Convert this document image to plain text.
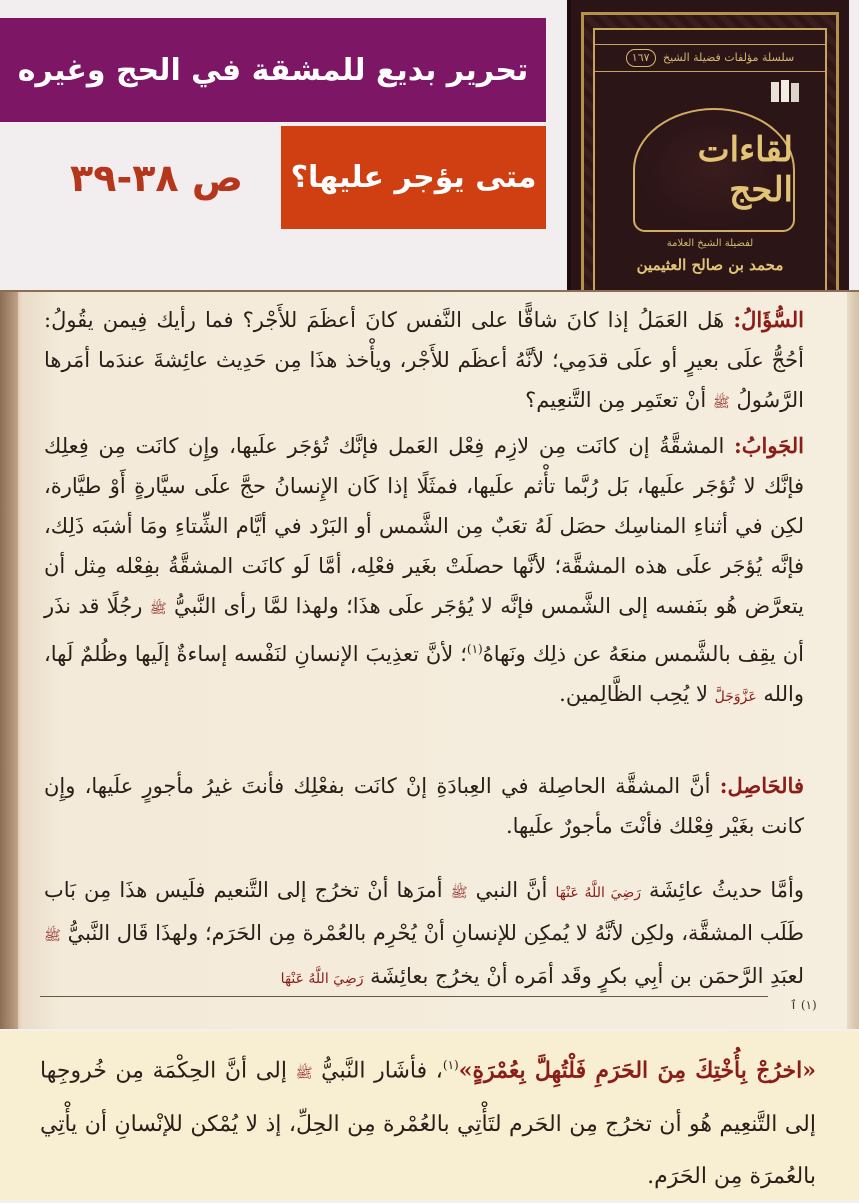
تحرير بديع للمشقة في الحج وغيره
متى يؤجر عليها؟
ص ٣٨-٣٩
سلسلة مؤلفات فضيلة الشيخ ١٦٧
لقاءات الحج
لفضيلة الشيخ العلامة
محمد بن صالح العثيمين

السُّؤَالُ: هَل العَمَلُ إذا كانَ شاقًّا على النَّفس كانَ أعظَمَ للأَجْر؟ فما رأيك فِيمن يقُولُ: أحُجُّ علَى بعيرٍ أو علَى قدَمِي؛ لأنَّهُ أعظَم للأَجْر، ويأْخذ هذَا مِن حَدِيث عائِشةَ عندَما أمَرها الرَّسُولُ ﷺ أنْ تعتَمِر مِن التَّنعِيم؟

الجَوابُ: المشقَّةُ إن كانَت مِن لازِم فِعْل العَمل فإنَّك تُؤجَر علَيها، وإِن كانَت مِن فِعلِك فإنَّك لا تُؤجَر علَيها، بَل رُبَّما تأْثم علَيها، فمثَلًا إذا كَان الإِنسانُ حجَّ علَى سيَّارةٍ أَوْ طيَّارة، لكِن في أثناءِ المناسِك حصَل لَهُ تعَبٌ مِن الشَّمس أو البَرْد في أيَّام الشِّتاءِ ومَا أشبَه ذَلِك، فإنَّه يُؤجَر علَى هذه المشقَّة؛ لأنَّها حصلَتْ بغَير فعْلِه، أمَّا لَو كانَت المشقَّةُ بفِعْله مِثل أن يتعرَّض هُو بنَفسه إلى الشَّمس فإنَّه لا يُؤجَر علَى هذَا؛ ولهذا لمَّا رأى النَّبيُّ ﷺ رجُلًا قد نذَر أن يقِف بالشَّمس منعَهُ عن ذلِك ونَهاهُ$^{(١)}$؛ لأنَّ تعذِيبَ الإنسانِ لنَفْسه إساءةٌ إلَيها وظُلمٌ لَها، والله عَزَّوَجَلَّ لا يُحِب الظَّالِمين.

فالحَاصِل: أنَّ المشقَّة الحاصِلة في العِبادَةِ إنْ كانَت بفعْلِك فأنتَ غيرُ مأجورٍ علَيها، وإِن كانت بغَيْر فِعْلك فأنْتَ مأجورٌ علَيها.

وأمَّا حديثُ عائِشَة رَضِيَ اللَّهُ عَنْهَا أنَّ النبي ﷺ أمرَها أنْ تخرُج إلى التَّنعيم فلَيس هذَا مِن بَاب طَلَب المشقَّة، ولكِن لأنَّهُ لا يُمكِن للإنسانِ أنْ يُحْرِم بالعُمْرة مِن الحَرَم؛ ولهذَا قَال النَّبيُّ ﷺ لعبَدِ الرَّحمَن بن أبِي بكرٍ وقَد أمَره أنْ يخرُج بعائِشَة رَضِيَ اللَّهُ عَنْهَا

(١) ٱ

«اخرُجْ بِأُخْتِكَ مِنَ الحَرَمِ فَلْتُهِلَّ بِعُمْرَةٍ»$^{(١)}$، فأشَار النَّبيُّ ﷺ إلى أنَّ الحِكْمَة مِن خُروجِها إلى التَّنعِيم هُو أن تخرُج مِن الحَرم لتَأْتِي بالعُمْرة مِن الحِلِّ، إذ لا يُمْكن للإنْسانِ أن يأْتِي بالعُمرَة مِن الحَرَم.
